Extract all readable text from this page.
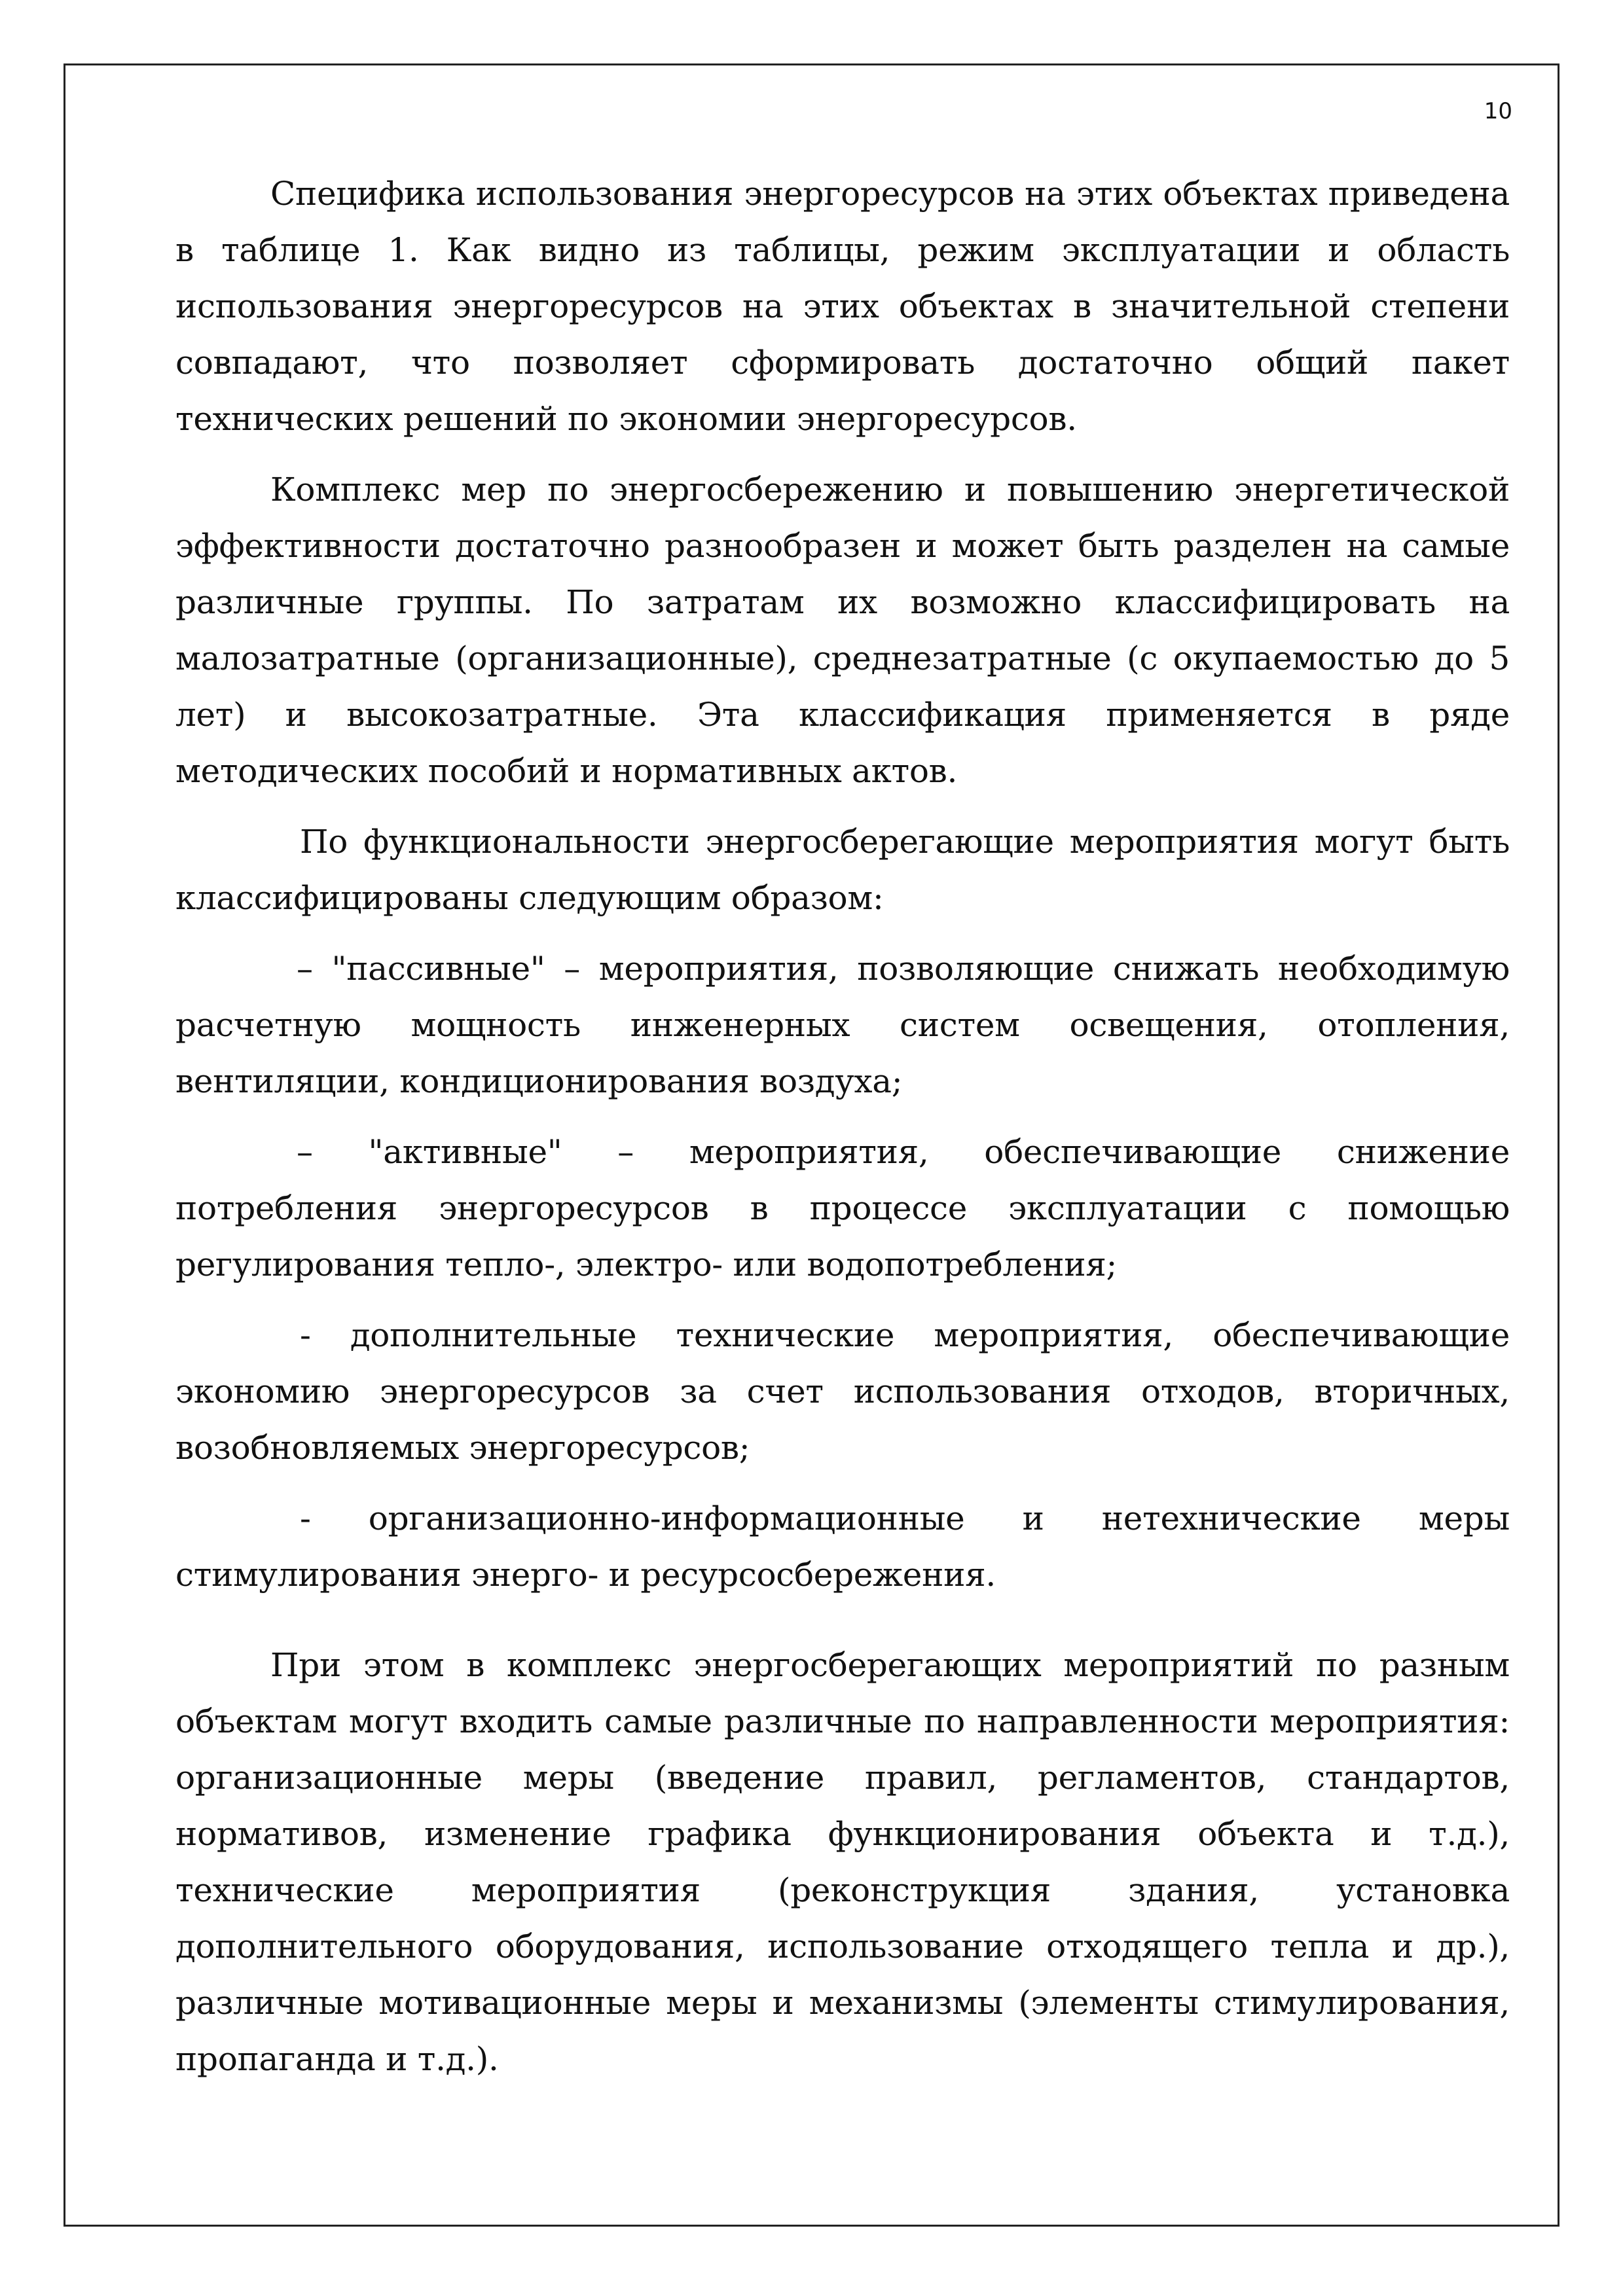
10

Специфика использования энергоресурсов на этих объектах приведена в таблице 1. Как видно из таблицы, режим эксплуатации и область использования энергоресурсов на этих объектах в значительной степени совпадают, что позволяет сформировать достаточно общий пакет технических решений по экономии энергоресурсов.

Комплекс мер по энергосбережению и повышению энергетической эффективности достаточно разнообразен и может быть разделен на самые различные группы. По затратам их возможно классифицировать на малозатратные (организационные), среднезатратные (с окупаемостью до 5 лет) и высокозатратные. Эта классификация применяется в ряде методических пособий и нормативных актов.

По функциональности энергосберегающие мероприятия могут быть классифицированы следующим образом:

– "пассивные" – мероприятия, позволяющие снижать необходимую расчетную мощность инженерных систем освещения, отопления, вентиляции, кондиционирования воздуха;

– "активные" – мероприятия, обеспечивающие снижение потребления энергоресурсов в процессе эксплуатации с помощью регулирования тепло-, электро- или водопотребления;

- дополнительные технические мероприятия, обеспечивающие экономию энергоресурсов за счет использования отходов, вторичных, возобновляемых энергоресурсов;

- организационно-информационные и нетехнические меры стимулирования энерго- и ресурсосбережения.

При этом в комплекс энергосберегающих мероприятий по разным объектам могут входить самые различные по направленности мероприятия: организационные меры (введение правил, регламентов, стандартов, нормативов, изменение графика функционирования объекта и т.д.), технические мероприятия (реконструкция здания, установка дополнительного оборудования, использование отходящего тепла и др.), различные мотивационные меры и механизмы (элементы стимулирования, пропаганда и т.д.).
